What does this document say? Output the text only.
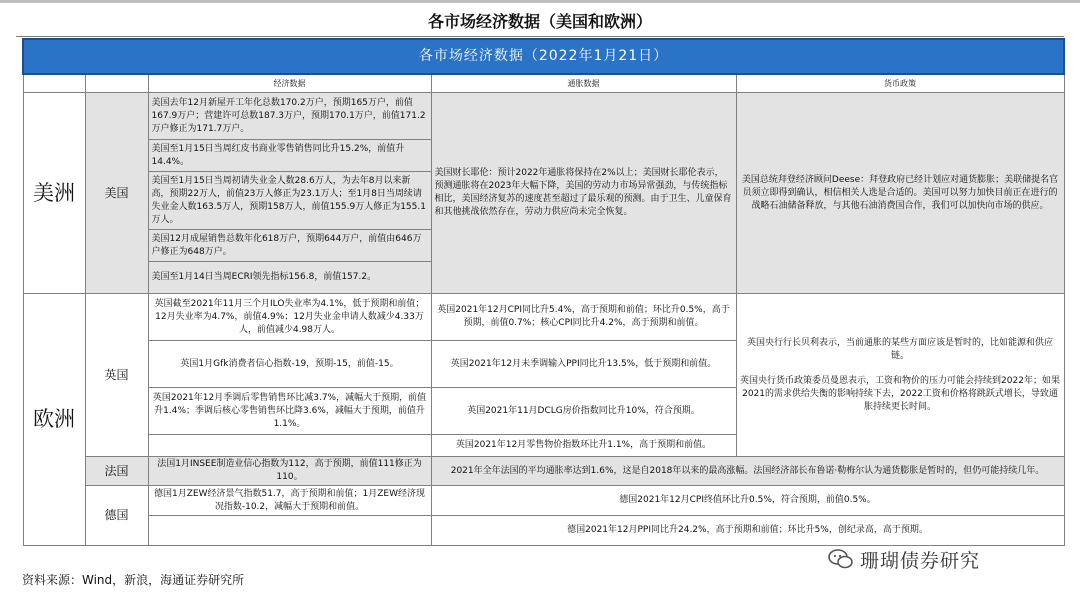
各市场经济数据（美国和欧洲）
各市场经济数据（2022年1月21日）				
		经济数据	通胀数据	货币政策
美洲	美国	美国去年12月新屋开工年化总数170.2万户，预期165万户，前值167.9万户；营建许可总数187.3万户，预期170.1万户，前值171.2万户修正为171.7万户。	美国财长耶伦：预计2022年通胀将保持在2%以上；美国财长耶伦表示，预测通胀将在2023年大幅下降，美国的劳动力市场异常强劲，与传统指标相比，美国经济复苏的速度甚至超过了最乐观的预测。由于卫生、儿童保育和其他挑战依然存在，劳动力供应尚未完全恢复。	美国总统拜登经济顾问Deese：拜登政府已经计划应对通货膨胀；美联储提名官员须立即得到确认，相信相关人选是合适的。美国可以努力加快目前正在进行的战略石油储备释放，与其他石油消费国合作，我们可以加快向市场的供应。
		美国至1月15日当周红皮书商业零售销售同比升15.2%，前值升14.4%。		
		美国至1月15日当周初请失业金人数28.6万人，为去年8月以来新高，预期22万人，前值23万人修正为23.1万人；至1月8日当周续请失业金人数163.5万人，预期158万人，前值155.9万人修正为155.1万人。		
		美国12月成屋销售总数年化618万户，预期644万户，前值由646万户修正为648万户。		
		美国至1月14日当周ECRI领先指标156.8，前值157.2。		
欧洲	英国	英国截至2021年11月三个月ILO失业率为4.1%，低于预期和前值；12月失业率为4.7%，前值4.9%；12月失业金申请人数减少4.33万人，前值减少4.98万人。	英国2021年12月CPI同比升5.4%，高于预期和前值；环比升0.5%，高于预期，前值0.7%；核心CPI同比升4.2%，高于预期和前值。	英国央行行长贝利表示，当前通胀的某些方面应该是暂时的，比如能源和供应链。
英国央行货币政策委员曼恩表示，工资和物价的压力可能会持续到2022年；如果2021的需求供给失衡的影响持续下去，2022工资和价格将跳跃式增长，导致通胀持续更长时间。

		英国1月Gfk消费者信心指数-19，预期-15，前值-15。	英国2021年12月未季调输入PPI同比升13.5%，低于预期和前值。	
		英国2021年12月季调后零售销售环比减3.7%，减幅大于预期，前值升1.4%；季调后核心零售销售环比降3.6%，减幅大于预期，前值升1.1%。	英国2021年11月DCLG房价指数同比升10%，符合预期。	
			英国2021年12月零售物价指数环比升1.1%，高于预期和前值。	
	法国	法国1月INSEE制造业信心指数为112，高于预期，前值111修正为110。	2021年全年法国的平均通胀率达到1.6%，这是自2018年以来的最高涨幅。法国经济部长布鲁诺·勒梅尔认为通货膨胀是暂时的，但仍可能持续几年。	
	德国	德国1月ZEW经济景气指数51.7，高于预期和前值；1月ZEW经济现况指数-10.2，减幅大于预期和前值。	德国2021年12月CPI终值环比升0.5%，符合预期，前值0.5%。	
			德国2021年12月PPI同比升24.2%，高于预期和前值；环比升5%，创纪录高，高于预期。	
资料来源：Wind，新浪，海通证券研究所
珊瑚债券研究
